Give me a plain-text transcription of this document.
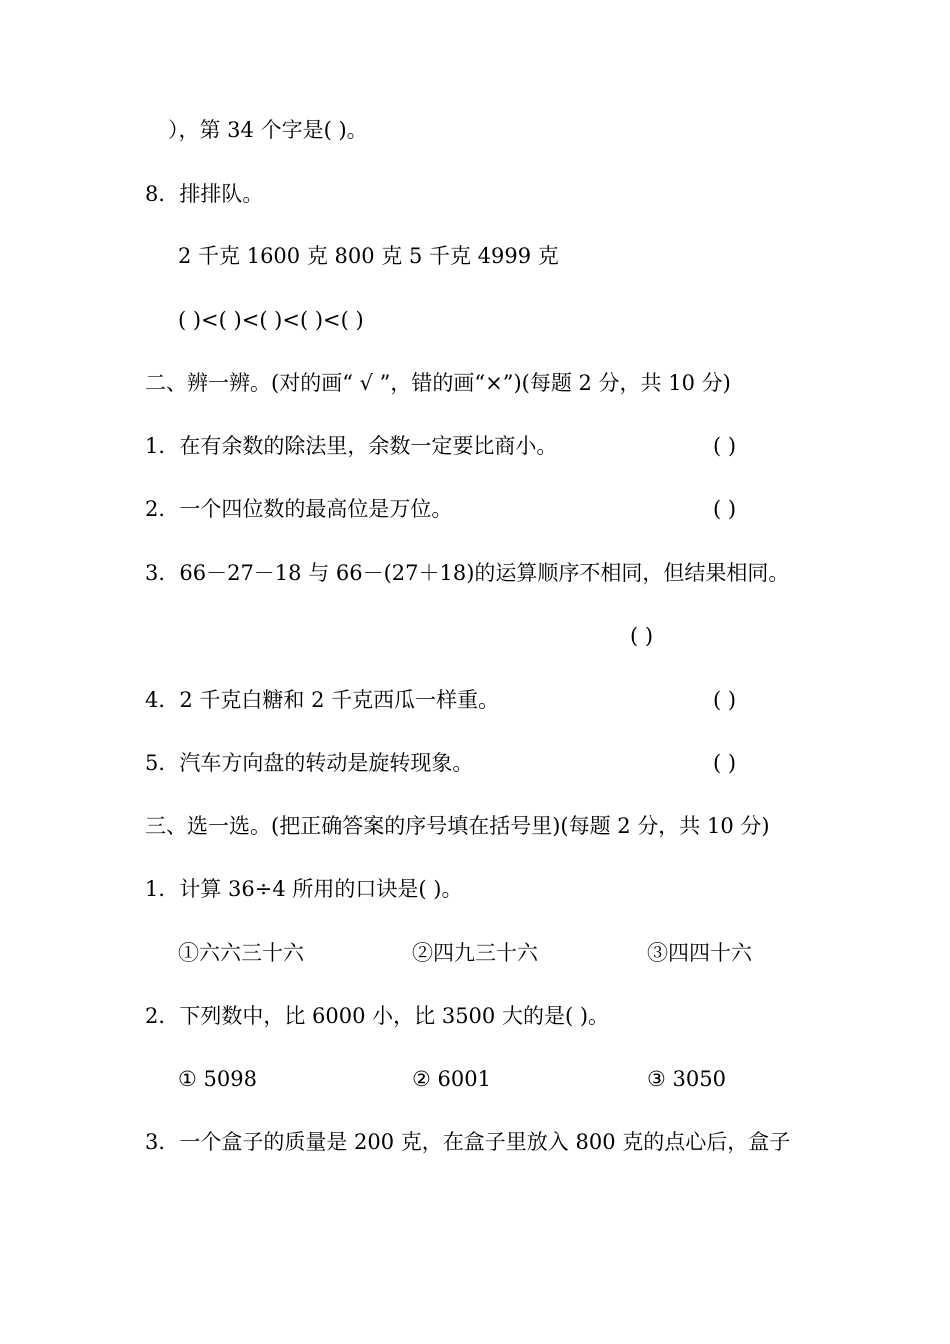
），第 34 个字是( )。
8．排排队。
2 千克 1600 克 800 克 5 千克 4999 克
( )<( )<( )<( )<( )
二、辨一辨。(对的画“ √ ”，错的画“×”)(每题 2 分，共 10 分)
1．在有余数的除法里，余数一定要比商小。	( )
2．一个四位数的最高位是万位。	( )
3．66－27－18 与 66－(27＋18)的运算顺序不相同，但结果相同。
( )
4．2 千克白糖和 2 千克西瓜一样重。	( )
5．汽车方向盘的转动是旋转现象。	( )
三、选一选。(把正确答案的序号填在括号里)(每题 2 分，共 10 分)
1．计算 36÷4 所用的口诀是( )。
①六六三十六	②四九三十六	③四四十六
2．下列数中，比 6000 小，比 3500 大的是( )。
① 5098	② 6001	③ 3050
3．一个盒子的质量是 200 克，在盒子里放入 800 克的点心后，盒子
